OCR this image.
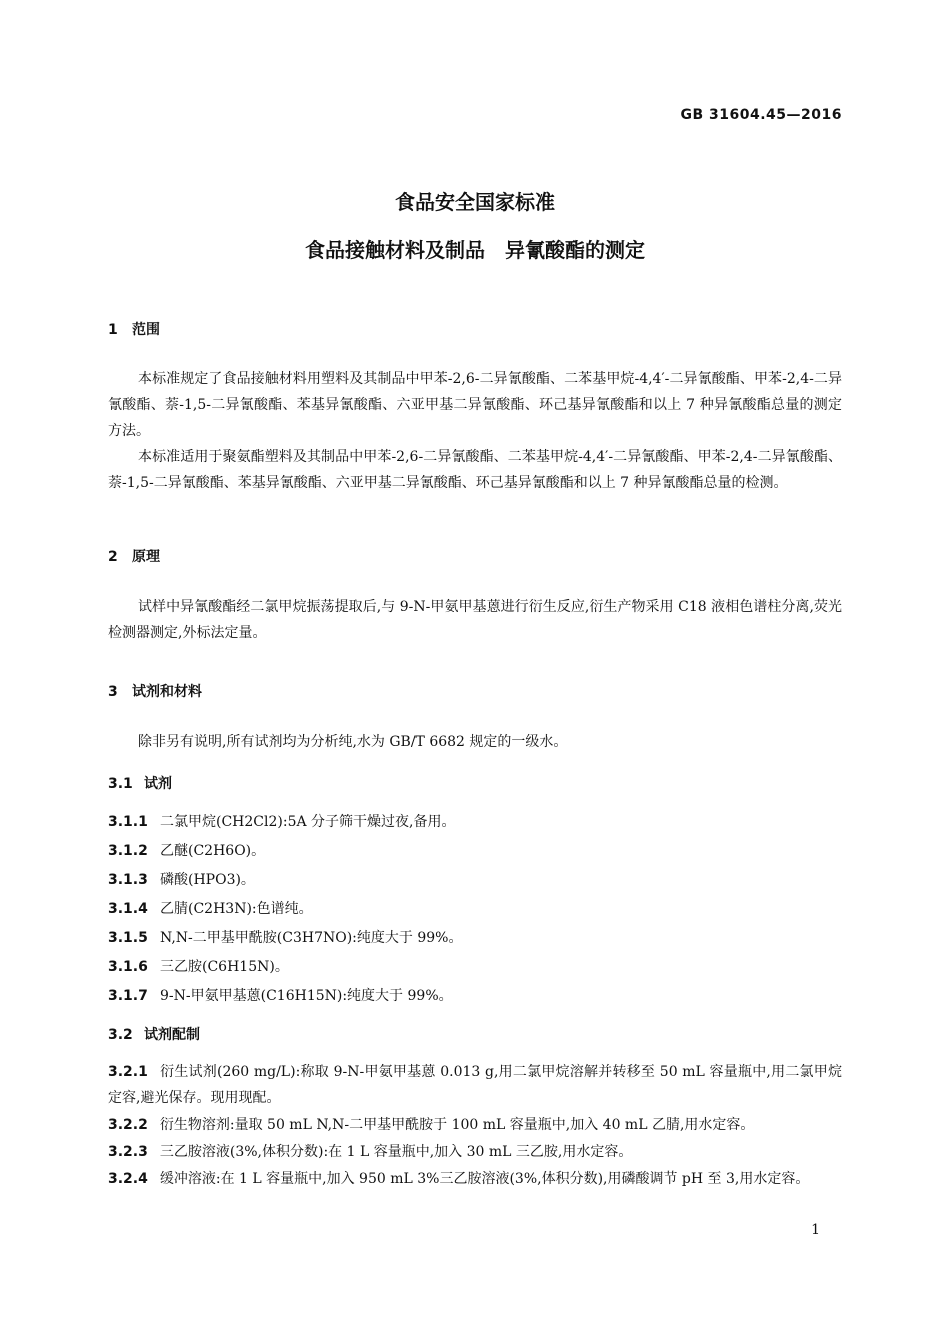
GB 31604.45—2016
食品安全国家标准
食品接触材料及制品　异氰酸酯的测定
1 范围

本标准规定了食品接触材料用塑料及其制品中甲苯-2,6-二异氰酸酯、二苯基甲烷-4,4′-二异氰酸酯、甲苯-2,4-二异氰酸酯、萘-1,5-二异氰酸酯、苯基异氰酸酯、六亚甲基二异氰酸酯、环己基异氰酸酯和以上 7 种异氰酸酯总量的测定方法。

本标准适用于聚氨酯塑料及其制品中甲苯-2,6-二异氰酸酯、二苯基甲烷-4,4′-二异氰酸酯、甲苯-2,4-二异氰酸酯、萘-1,5-二异氰酸酯、苯基异氰酸酯、六亚甲基二异氰酸酯、环己基异氰酸酯和以上 7 种异氰酸酯总量的检测。

2 原理

试样中异氰酸酯经二氯甲烷振荡提取后,与 9-N-甲氨甲基蒽进行衍生反应,衍生产物采用 C18 液相色谱柱分离,荧光检测器测定,外标法定量。

3 试剂和材料

除非另有说明,所有试剂均为分析纯,水为 GB/T 6682 规定的一级水。

3.1 试剂
3.1.1 二氯甲烷(CH2Cl2):5A 分子筛干燥过夜,备用。
3.1.2 乙醚(C2H6O)。
3.1.3 磷酸(HPO3)。
3.1.4 乙腈(C2H3N):色谱纯。
3.1.5 N,N-二甲基甲酰胺(C3H7NO):纯度大于 99%。
3.1.6 三乙胺(C6H15N)。
3.1.7 9-N-甲氨甲基蒽(C16H15N):纯度大于 99%。
3.2 试剂配制
3.2.1 衍生试剂(260 mg/L):称取 9-N-甲氨甲基蒽 0.013 g,用二氯甲烷溶解并转移至 50 mL 容量瓶中,用二氯甲烷定容,避光保存。现用现配。
3.2.2 衍生物溶剂:量取 50 mL N,N-二甲基甲酰胺于 100 mL 容量瓶中,加入 40 mL 乙腈,用水定容。
3.2.3 三乙胺溶液(3%,体积分数):在 1 L 容量瓶中,加入 30 mL 三乙胺,用水定容。
3.2.4 缓冲溶液:在 1 L 容量瓶中,加入 950 mL 3%三乙胺溶液(3%,体积分数),用磷酸调节 pH 至 3,用水定容。
1
